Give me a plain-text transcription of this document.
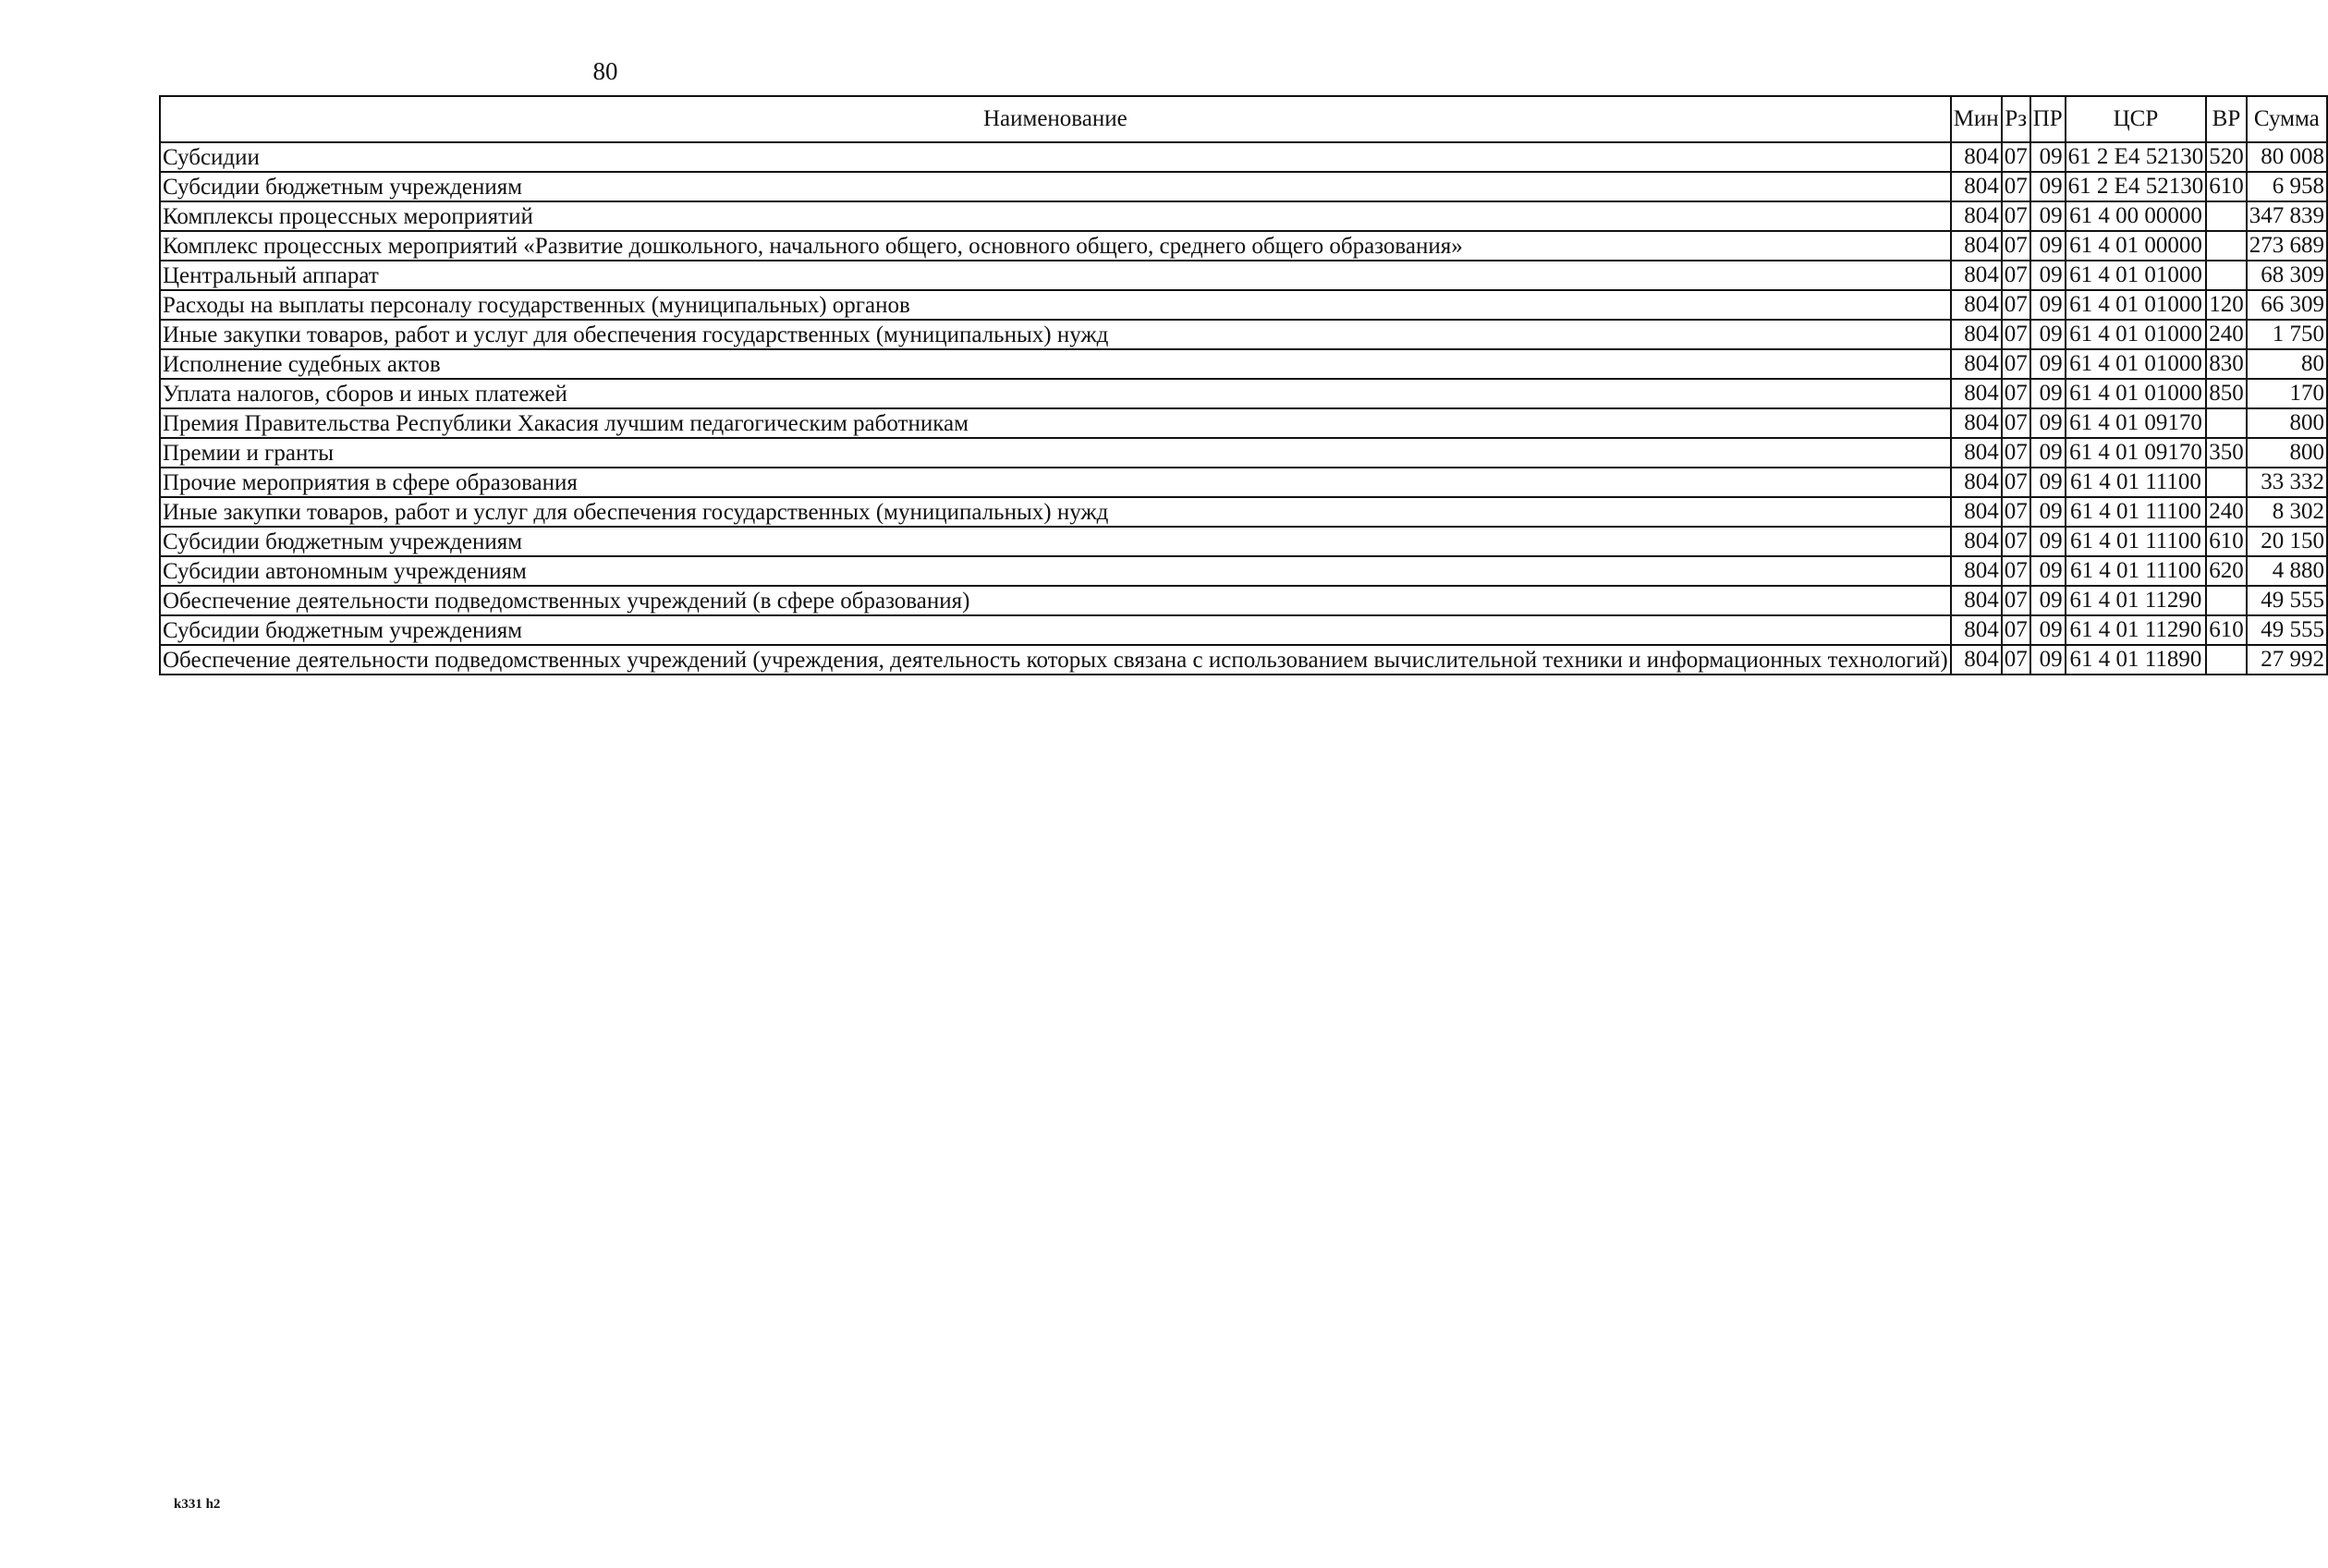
80
Наименование	Мин	Рз	ПР	ЦСР	ВР	Сумма
Субсидии	804	07	09	61 2 Е4 52130	520	80 008
Субсидии бюджетным учреждениям	804	07	09	61 2 Е4 52130	610	6 958
Комплексы процессных мероприятий	804	07	09	61 4 00 00000		347 839
Комплекс процессных мероприятий «Развитие дошкольного, начального общего, основного общего, среднего общего образования»	804	07	09	61 4 01 00000		273 689
Центральный аппарат	804	07	09	61 4 01 01000		68 309
Расходы на выплаты персоналу государственных (муниципальных) органов	804	07	09	61 4 01 01000	120	66 309
Иные закупки товаров, работ и услуг для обеспечения государственных (муниципальных) нужд	804	07	09	61 4 01 01000	240	1 750
Исполнение судебных актов	804	07	09	61 4 01 01000	830	80
Уплата налогов, сборов и иных платежей	804	07	09	61 4 01 01000	850	170
Премия Правительства Республики Хакасия лучшим педагогическим работникам	804	07	09	61 4 01 09170		800
Премии и гранты	804	07	09	61 4 01 09170	350	800
Прочие мероприятия в сфере образования	804	07	09	61 4 01 11100		33 332
Иные закупки товаров, работ и услуг для обеспечения государственных (муниципальных) нужд	804	07	09	61 4 01 11100	240	8 302
Субсидии бюджетным учреждениям	804	07	09	61 4 01 11100	610	20 150
Субсидии автономным учреждениям	804	07	09	61 4 01 11100	620	4 880
Обеспечение деятельности подведомственных учреждений (в сфере образования)	804	07	09	61 4 01 11290		49 555
Субсидии бюджетным учреждениям	804	07	09	61 4 01 11290	610	49 555
Обеспечение деятельности подведомственных учреждений (учреждения, деятельность которых связана с использованием вычислительной техники и информационных технологий)	804	07	09	61 4 01 11890		27 992
k331 h2
